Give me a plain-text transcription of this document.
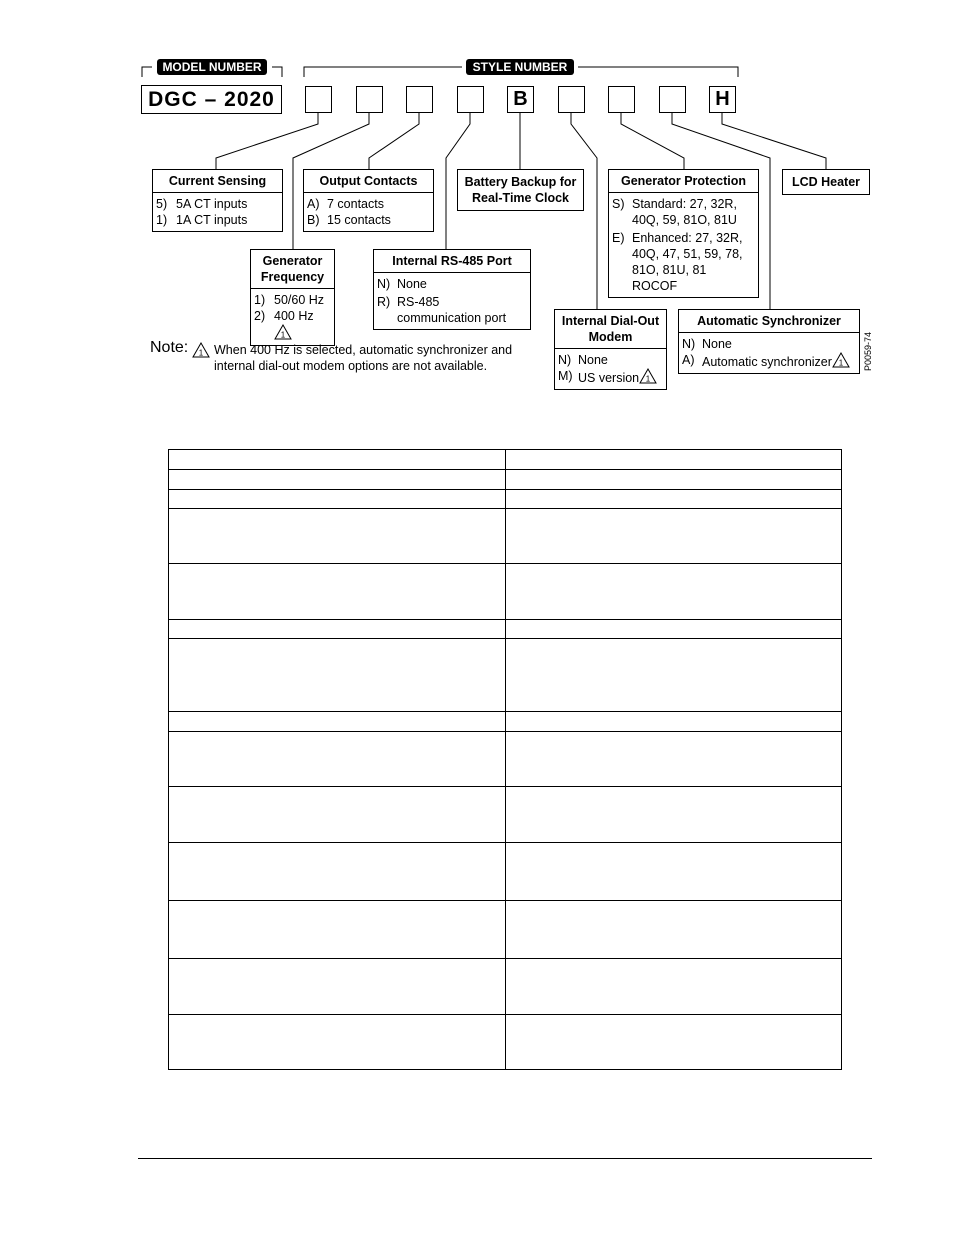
MODEL NUMBER	STYLE NUMBER
DGC – 2020	B	H
Current Sensing
5) 5A CT inputs
1) 1A CT inputs
Output Contacts
A) 7 contacts
B) 15 contacts
Battery Backup for Real-Time Clock
Generator Protection
S) Standard: 27, 32R, 40Q, 59, 81O, 81U
E) Enhanced: 27, 32R, 40Q, 47, 51, 59, 78, 81O, 81U, 81 ROCOF
LCD Heater
Generator Frequency
1) 50/60 Hz
2) 400 Hz
1
Internal RS-485 Port
N) None
R) RS-485 communication port	Internal Dial-Out Modem
N) None
M) US version 1
Automatic Synchronizer
N) None
A) Automatic synchronizer 1	P0059-74
Note: 1 When 400 Hz is selected, automatic synchronizer and internal dial-out modem options are not available.
